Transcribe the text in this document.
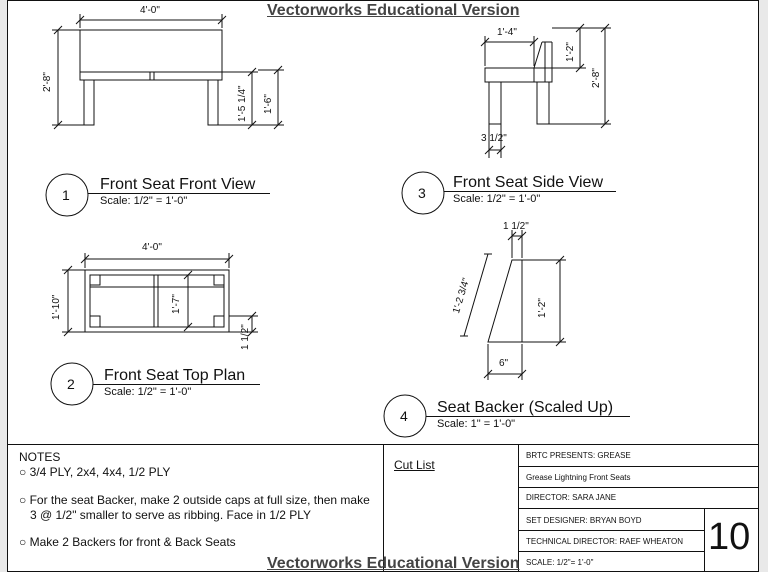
Vectorworks Educational Version
Vectorworks Educational Version
1	3
2
4
Front Seat Front View
Scale: 1/2" = 1'-0"
Front Seat Side View
Scale: 1/2" = 1'-0"
Front Seat Top Plan
Scale: 1/2" = 1'-0"
Seat Backer (Scaled Up)
Scale: 1" = 1'-0"
4'-0"
2'-8"
1'-5 1/4" 1'-6"
1'-4"
1'-2"
2'-8"
3 1/2"
4'-0"
1'-10"	1'-7"
1 1/2"
1 1/2"
1'-2 3/4"	1'-2"
6"
NOTES
○ 3/4 PLY, 2x4, 4x4, 1/2 PLY
○ For the seat Backer, make 2 outside caps at full size, then make
3 @ 1/2" smaller to serve as ribbing. Face in 1/2 PLY
○ Make 2 Backers for front & Back Seats
Cut List
BRTC PRESENTS: GREASE
Grease Lightning Front Seats
DIRECTOR: SARA JANE
SET DESIGNER: BRYAN BOYD
TECHNICAL DIRECTOR: RAEF WHEATON
SCALE: 1/2"= 1'-0"
10
